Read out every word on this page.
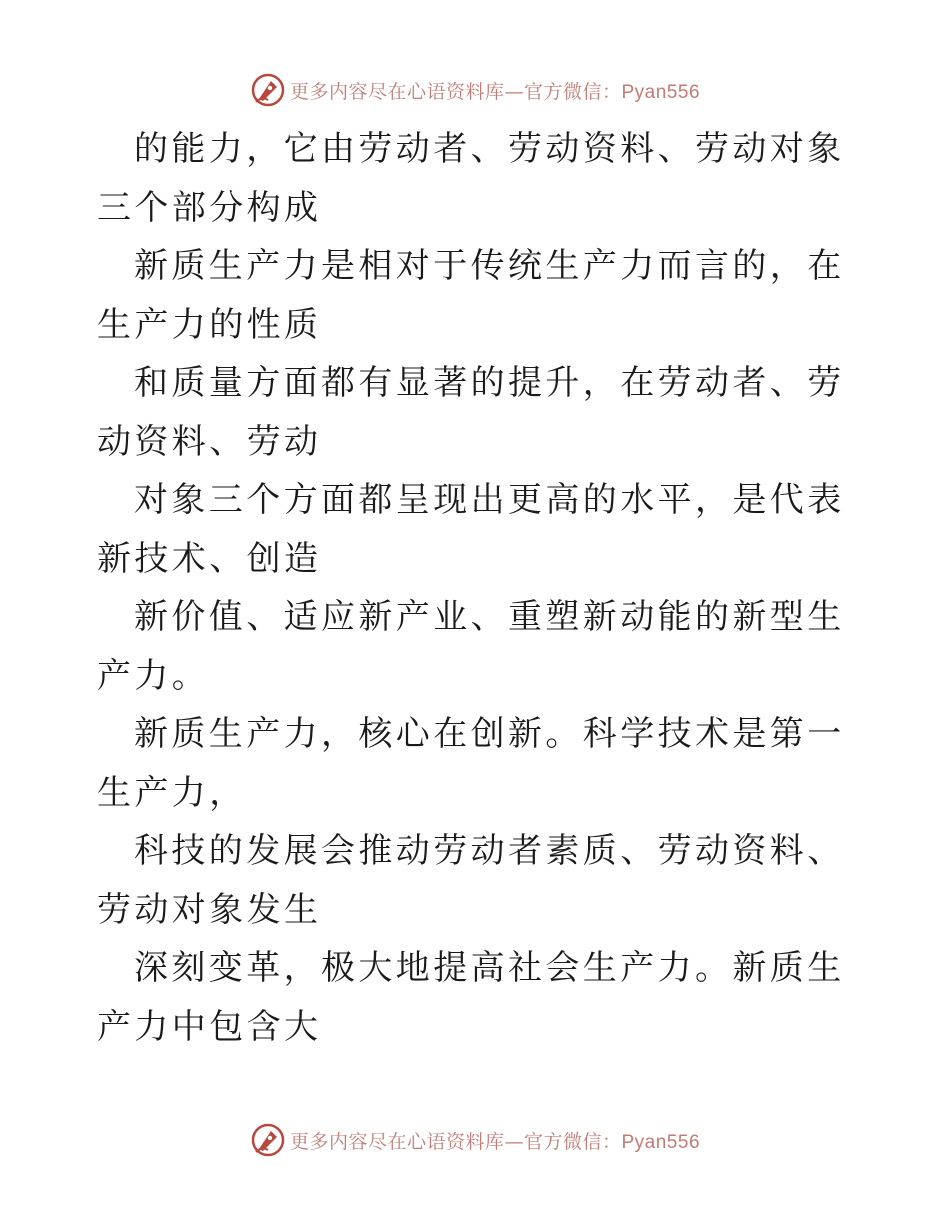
更多内容尽在心语资料库—官方微信：Pyan556

的能力，它由劳动者、劳动资料、劳动对象三个部分构成

新质生产力是相对于传统生产力而言的，在生产力的性质

和质量方面都有显著的提升，在劳动者、劳动资料、劳动

对象三个方面都呈现出更高的水平，是代表新技术、创造

新价值、适应新产业、重塑新动能的新型生产力。

新质生产力，核心在创新。科学技术是第一生产力，

科技的发展会推动劳动者素质、劳动资料、劳动对象发生

深刻变革，极大地提高社会生产力。新质生产力中包含大

更多内容尽在心语资料库—官方微信：Pyan556
